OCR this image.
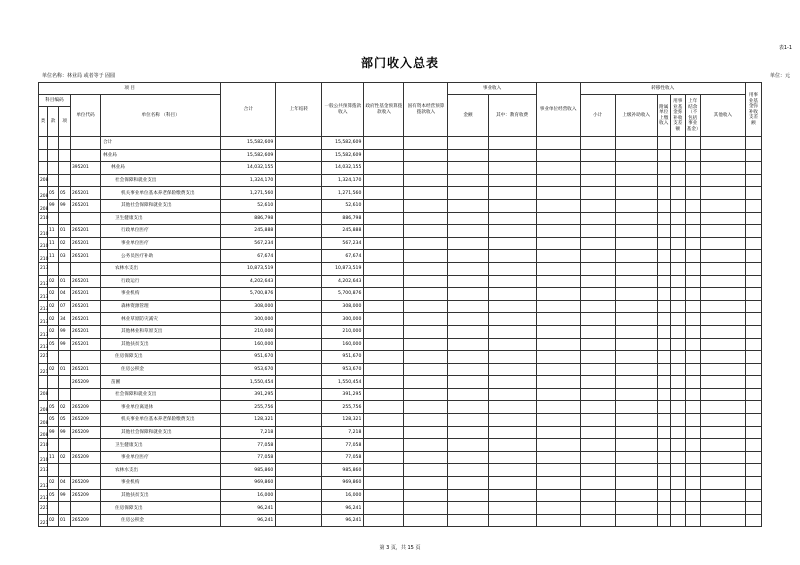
表1-1
部门收入总表
单位名称：林业局 或者等于 固圆	单位：元
项 目					合计	上年结转	一般公共预算拨款收入	政府性基金预算拨款收入	国有资本经营预算拨款收入	事业收入		事业单位经营收入	转移性收入						用事业基金弥补收支差额
科目编码			单位代码	单位名称 （科目）						金额	其中：教育收费		小计	上级补助收入	附属单位上缴收入	用事业基金弥补收支差额	上年结余（不包括事业基金）	其他收入	
类	款	项																	
				合计	15,582,609		15,582,609												
				林业局	15,582,609		15,582,609												
			395201	林业局	14,032,155		14,032,155												
208				社会保障和就业支出	1,324,170		1,324,170												
208	05	05	265201	机关事业单位基本养老保险缴费支出	1,271,560		1,271,560												
208	99	99	265201	其他社会保障和就业支出	52,610		52,610												
210				卫生健康支出	886,798		886,798												
210	11	01	265201	行政单位医疗	245,888		245,888												
210	11	02	265201	事业单位医疗	567,234		567,234												
210	11	03	265201	公务员医疗补助	67,674		67,674												
213				农林水支出	10,873,519		10,873,519												
213	02	01	265201	行政运行	4,202,643		4,202,643												
213	02	04	265201	事业机构	5,700,876		5,700,876												
213	02	07	265201	森林资源管理	308,000		308,000												
213	02	34	265201	林业草原防灾减灾	300,000		300,000												
213	02	99	265201	其他林业和草原支出	210,000		210,000												
213	05	99	265201	其他扶贫支出	160,000		160,000												
221				住房保障支出	951,670		951,670												
221	02	01	265201	住房公积金	953,670		953,670												
			265209	苗圃	1,550,454		1,550,454												
208				社会保障和就业支出	391,295		391,295												
208	05	02	265209	事业单位离退休	255,756		255,756												
208	05	05	265209	机关事业单位基本养老保险缴费支出	128,321		128,321												
208	99	99	265209	其他社会保障和就业支出	7,218		7,218												
210				卫生健康支出	77,058		77,058												
210	11	02	265209	事业单位医疗	77,058		77,058												
213				农林水支出	985,860		985,860												
213	02	04	265209	事业机构	969,860		969,860												
213	05	99	265209	其他扶贫支出	16,000		16,000												
221				住房保障支出	96,241		96,241												
221	02	01	265209	住房公积金	96,241		96,241												
第 3 页，共 15 页
